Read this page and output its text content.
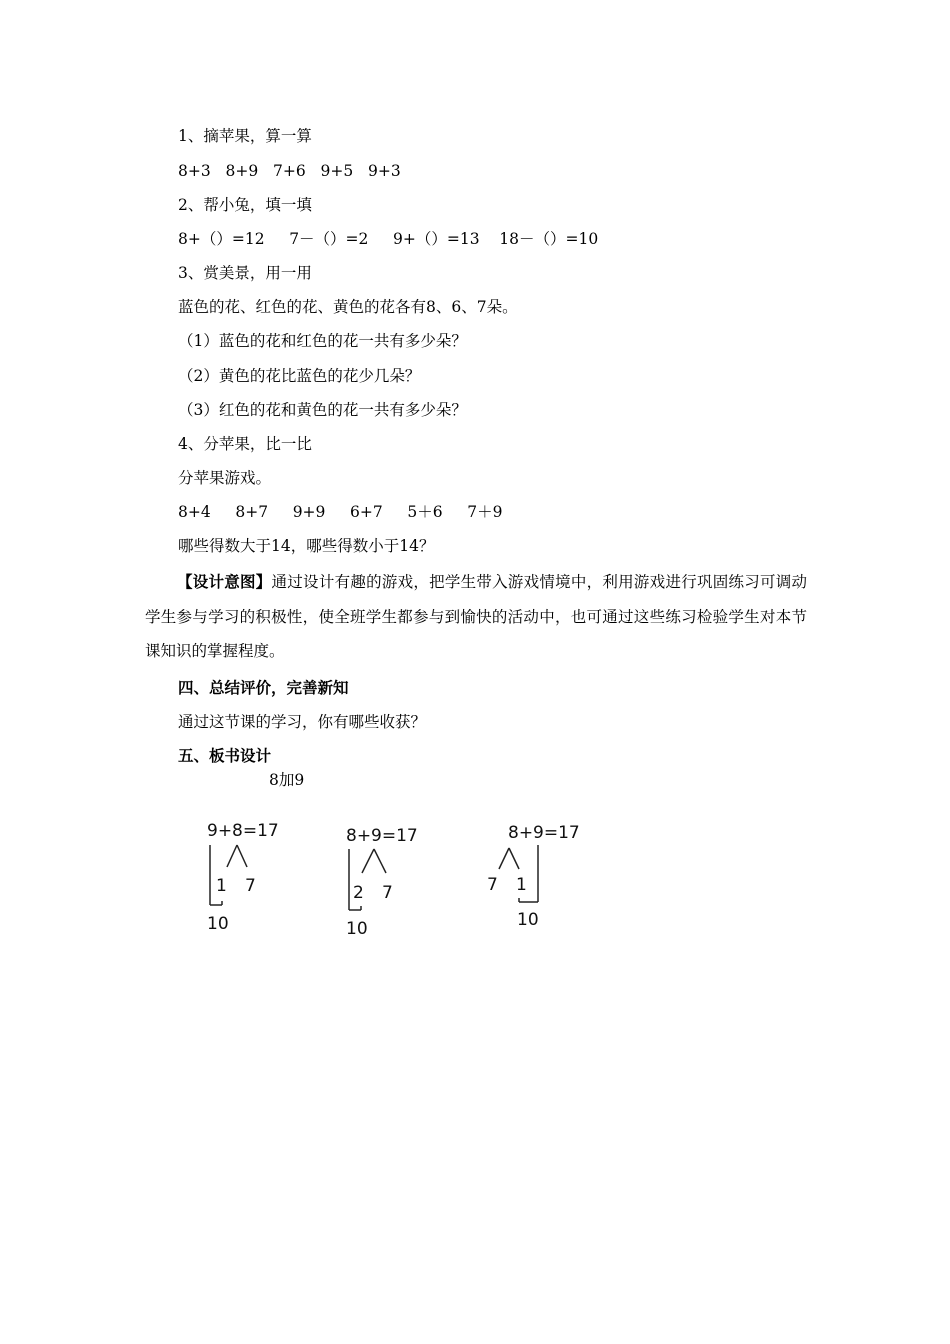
1、摘苹果，算一算
8+3   8+9   7+6   9+5   9+3
2、帮小兔，填一填
8+（）=12     7－（）=2     9+（）=13    18－（）=10
3、赏美景，用一用
蓝色的花、红色的花、黄色的花各有8、6、7朵。
（1）蓝色的花和红色的花一共有多少朵？
（2）黄色的花比蓝色的花少几朵？
（3）红色的花和黄色的花一共有多少朵？
4、分苹果，比一比
分苹果游戏。
8+4     8+7     9+9     6+7     5＋6     7＋9
哪些得数大于14，哪些得数小于14？
【设计意图】通过设计有趣的游戏，把学生带入游戏情境中，利用游戏进行巩固练习可调动学生参与学习的积极性，使全班学生都参与到愉快的活动中，也可通过这些练习检验学生对本节课知识的掌握程度。
四、总结评价，完善新知
通过这节课的学习，你有哪些收获？
五、板书设计
8加9
9+8=17
1 7
10
8+9=17
2 7
10
8+9=17
7 1
10
